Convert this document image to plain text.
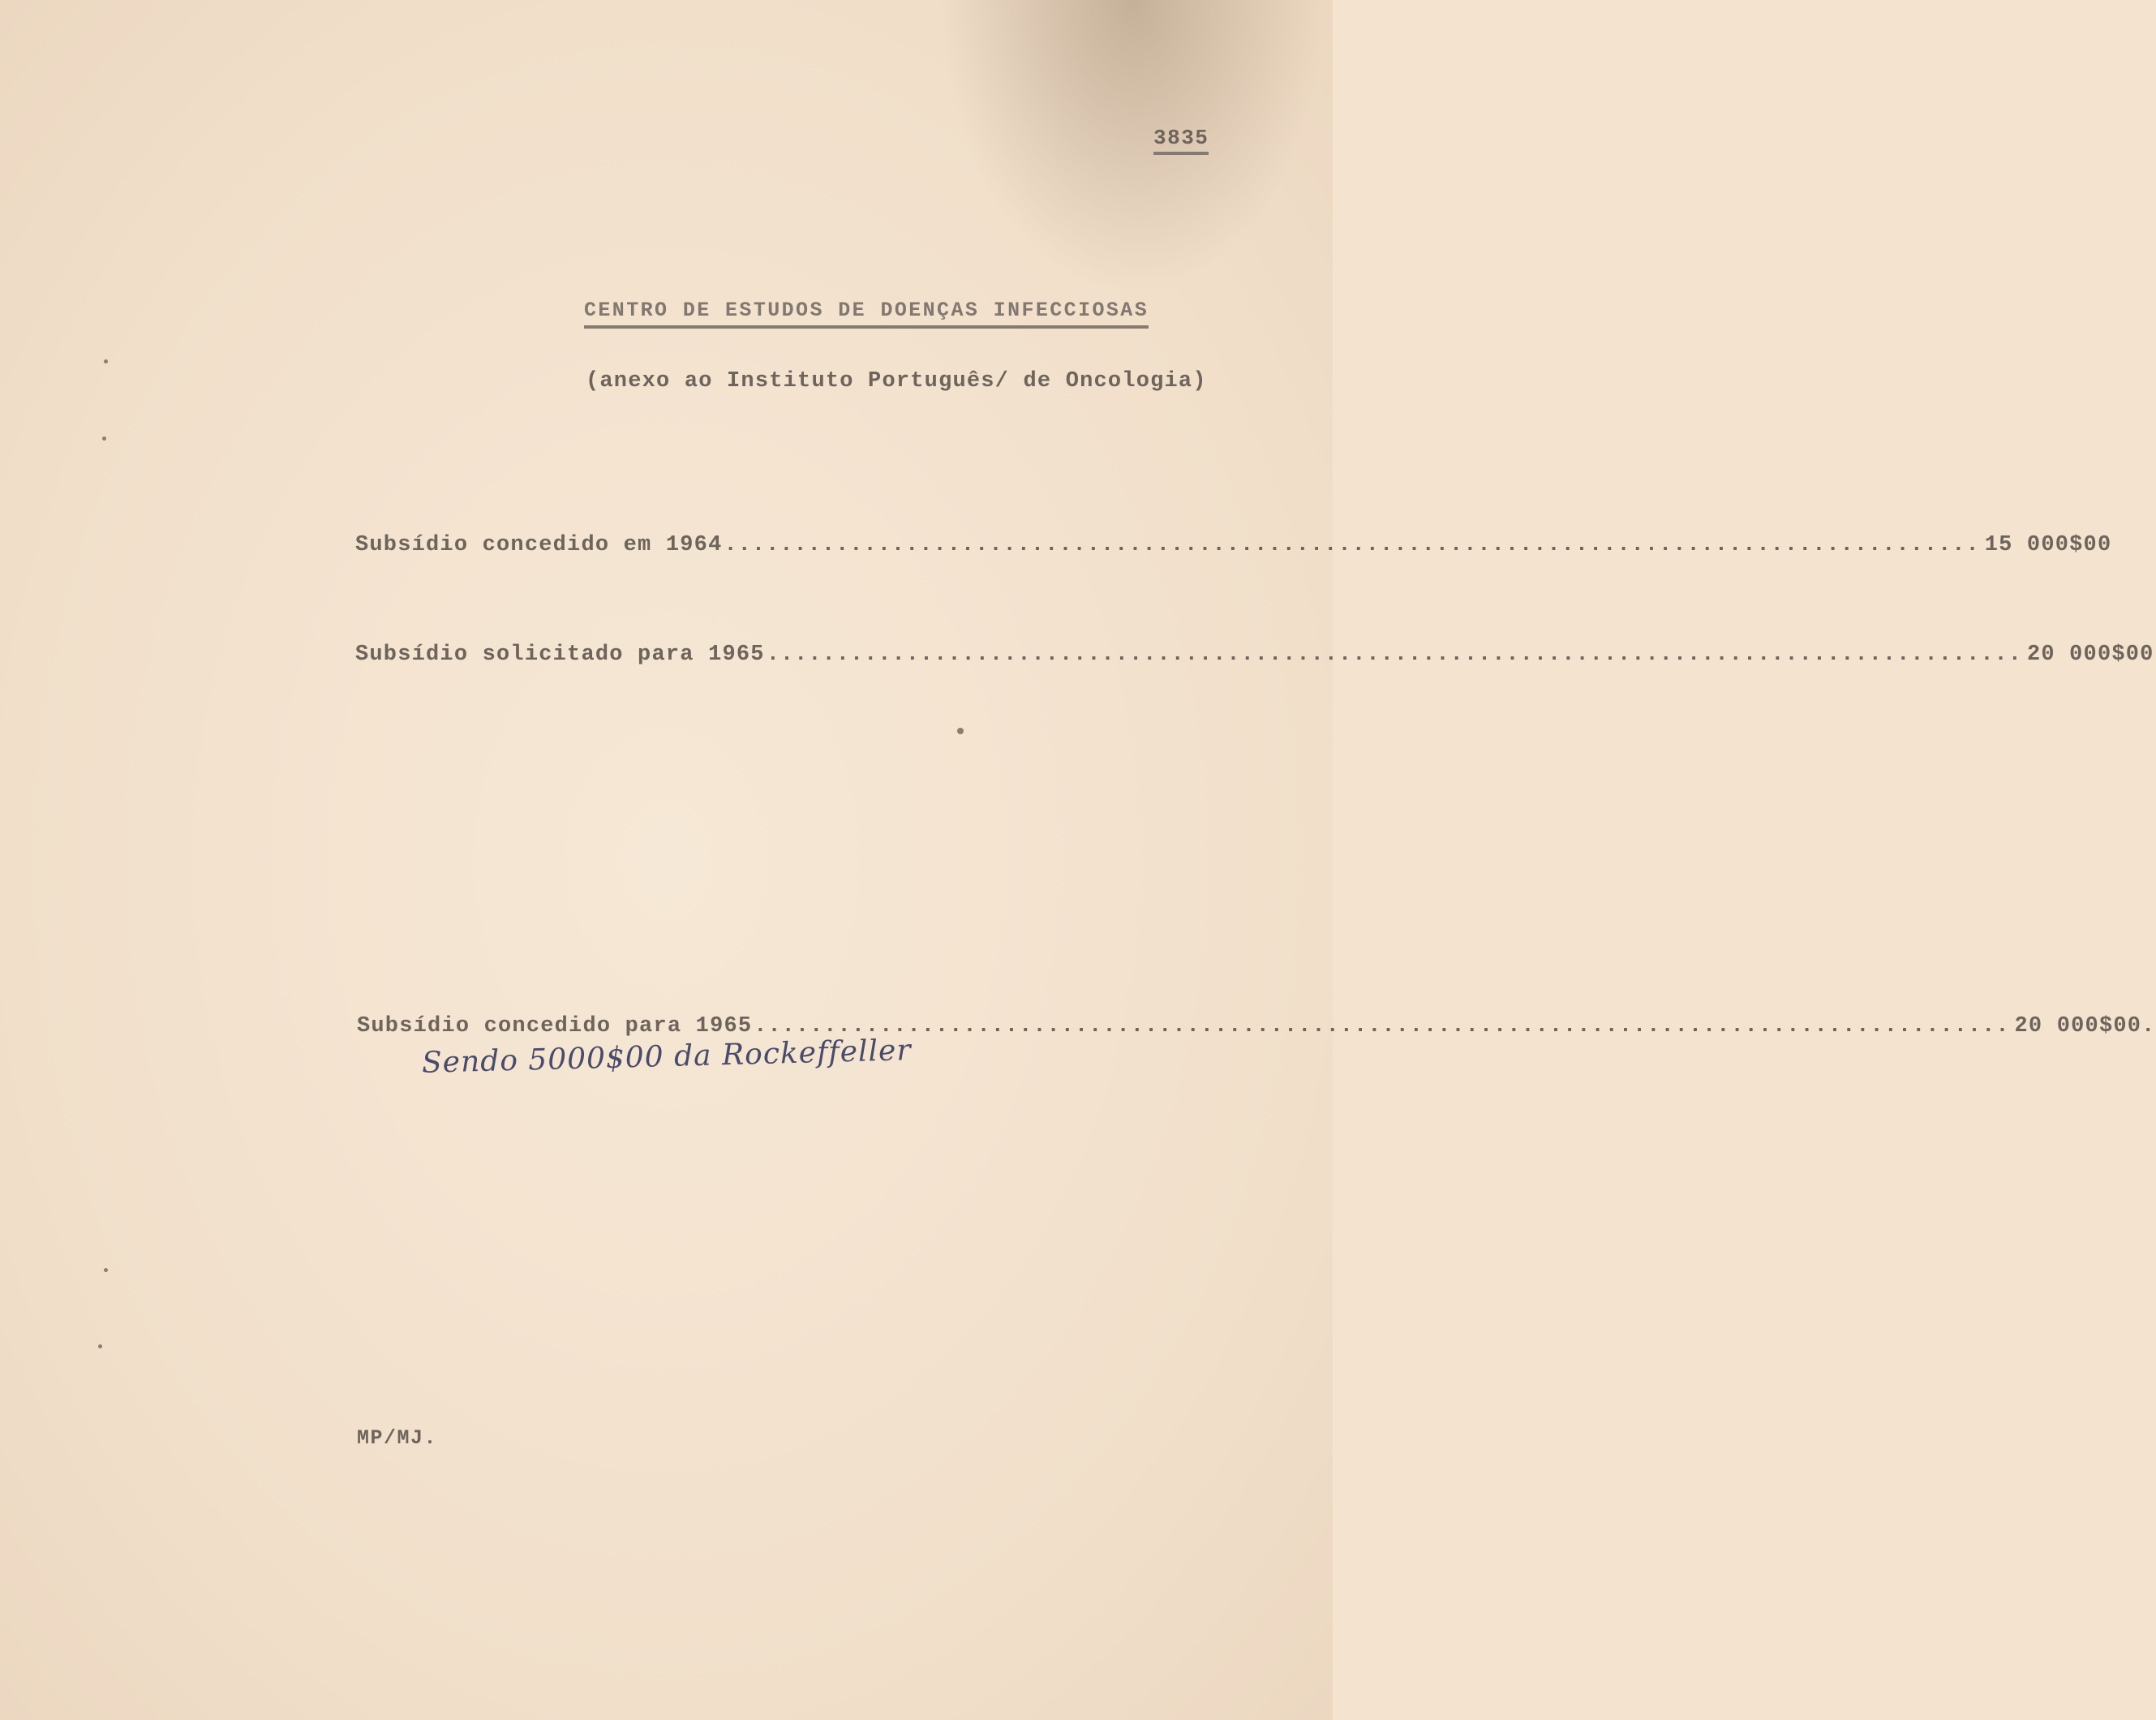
3835
CENTRO DE ESTUDOS DE DOENÇAS INFECCIOSAS
(anexo ao Instituto Português/ de Oncologia)
Subsídio concedido em 1964 .......................................................................................... 15 000$00
Subsídio solicitado para 1965 .......................................................................................... 20 000$00
Subsídio concedido para 1965 .......................................................................................... 20 000$00.
Sendo 5000$00 da Rockeffeller
MP/MJ.
